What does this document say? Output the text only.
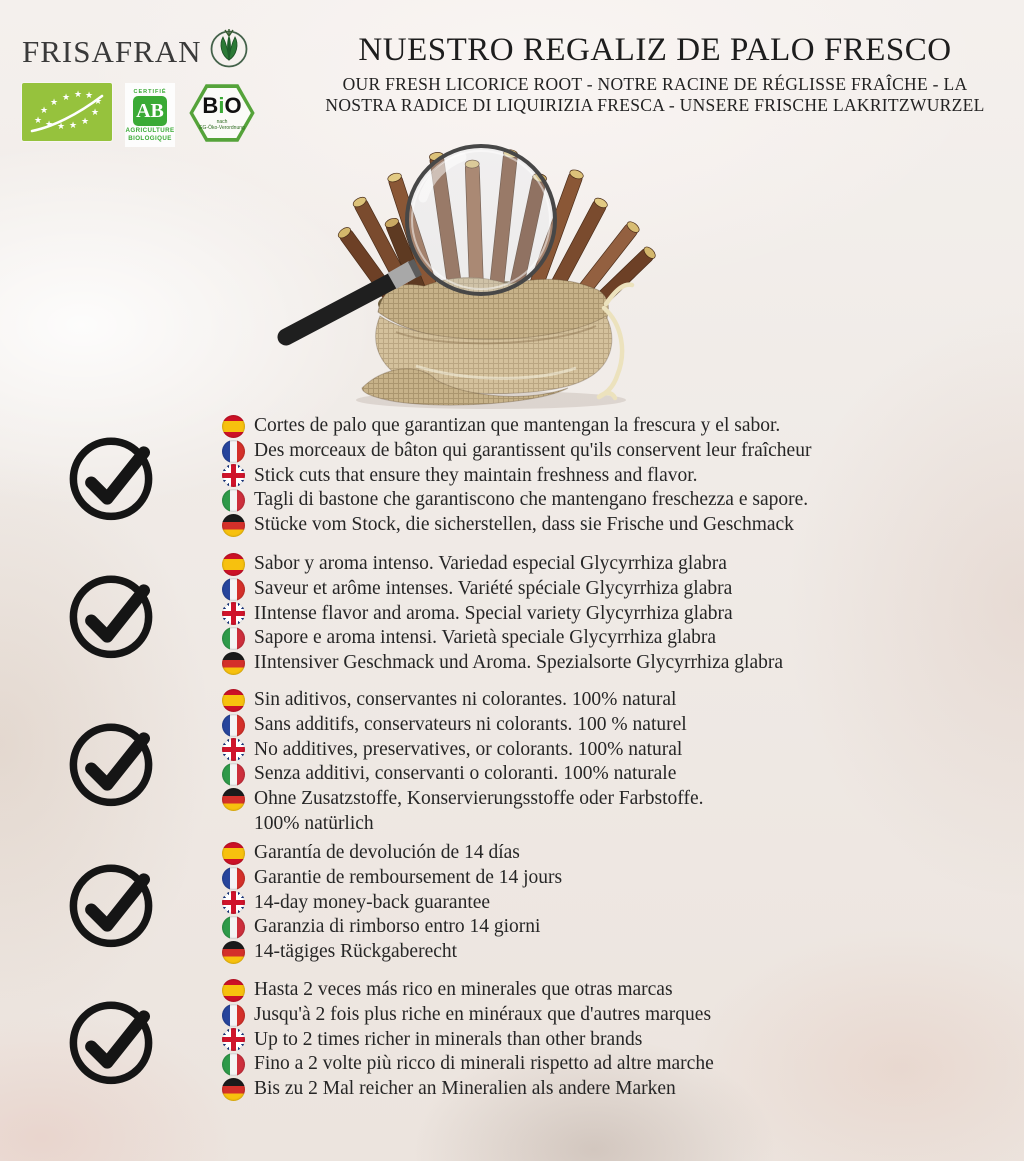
FRISAFRAN
★
★ ★ ★ ★
★
★ ★ ★ ★ ★
★
CERTIFIÉ
AB
AGRICULTURE
BIOLOGIQUE
BiO
nach
EG-Öko-Verordnung
NUESTRO REGALIZ DE PALO FRESCO
OUR FRESH LICORICE ROOT - NOTRE RACINE DE RÉGLISSE FRAÎCHE - LA
NOSTRA RADICE DI LIQUIRIZIA FRESCA - UNSERE FRISCHE LAKRITZWURZEL
Cortes de palo que garantizan que mantengan la frescura y el sabor.
Des morceaux de bâton qui garantissent qu'ils conservent leur fraîcheur
Stick cuts that ensure they maintain freshness and flavor.
Tagli di bastone che garantiscono che mantengano freschezza e sapore.
Stücke vom Stock, die sicherstellen, dass sie Frische und Geschmack
Sabor y aroma intenso. Variedad especial Glycyrrhiza glabra
Saveur et arôme intenses. Variété spéciale Glycyrrhiza glabra
IIntense flavor and aroma. Special variety Glycyrrhiza glabra
Sapore e aroma intensi. Varietà speciale Glycyrrhiza glabra
IIntensiver Geschmack und Aroma. Spezialsorte Glycyrrhiza glabra
Sin aditivos, conservantes ni colorantes. 100% natural
Sans additifs, conservateurs ni colorants. 100 % naturel
No additives, preservatives, or colorants. 100% natural
Senza additivi, conservanti o coloranti. 100% naturale
Ohne Zusatzstoffe, Konservierungsstoffe oder Farbstoffe.
100% natürlich
Garantía de devolución de 14 días
Garantie de remboursement de 14 jours
14-day money-back guarantee
Garanzia di rimborso entro 14 giorni
14-tägiges Rückgaberecht
Hasta 2 veces más rico en minerales que otras marcas
Jusqu'à 2 fois plus riche en minéraux que d'autres marques
Up to 2 times richer in minerals than other brands
Fino a 2 volte più ricco di minerali rispetto ad altre marche
Bis zu 2 Mal reicher an Mineralien als andere Marken
